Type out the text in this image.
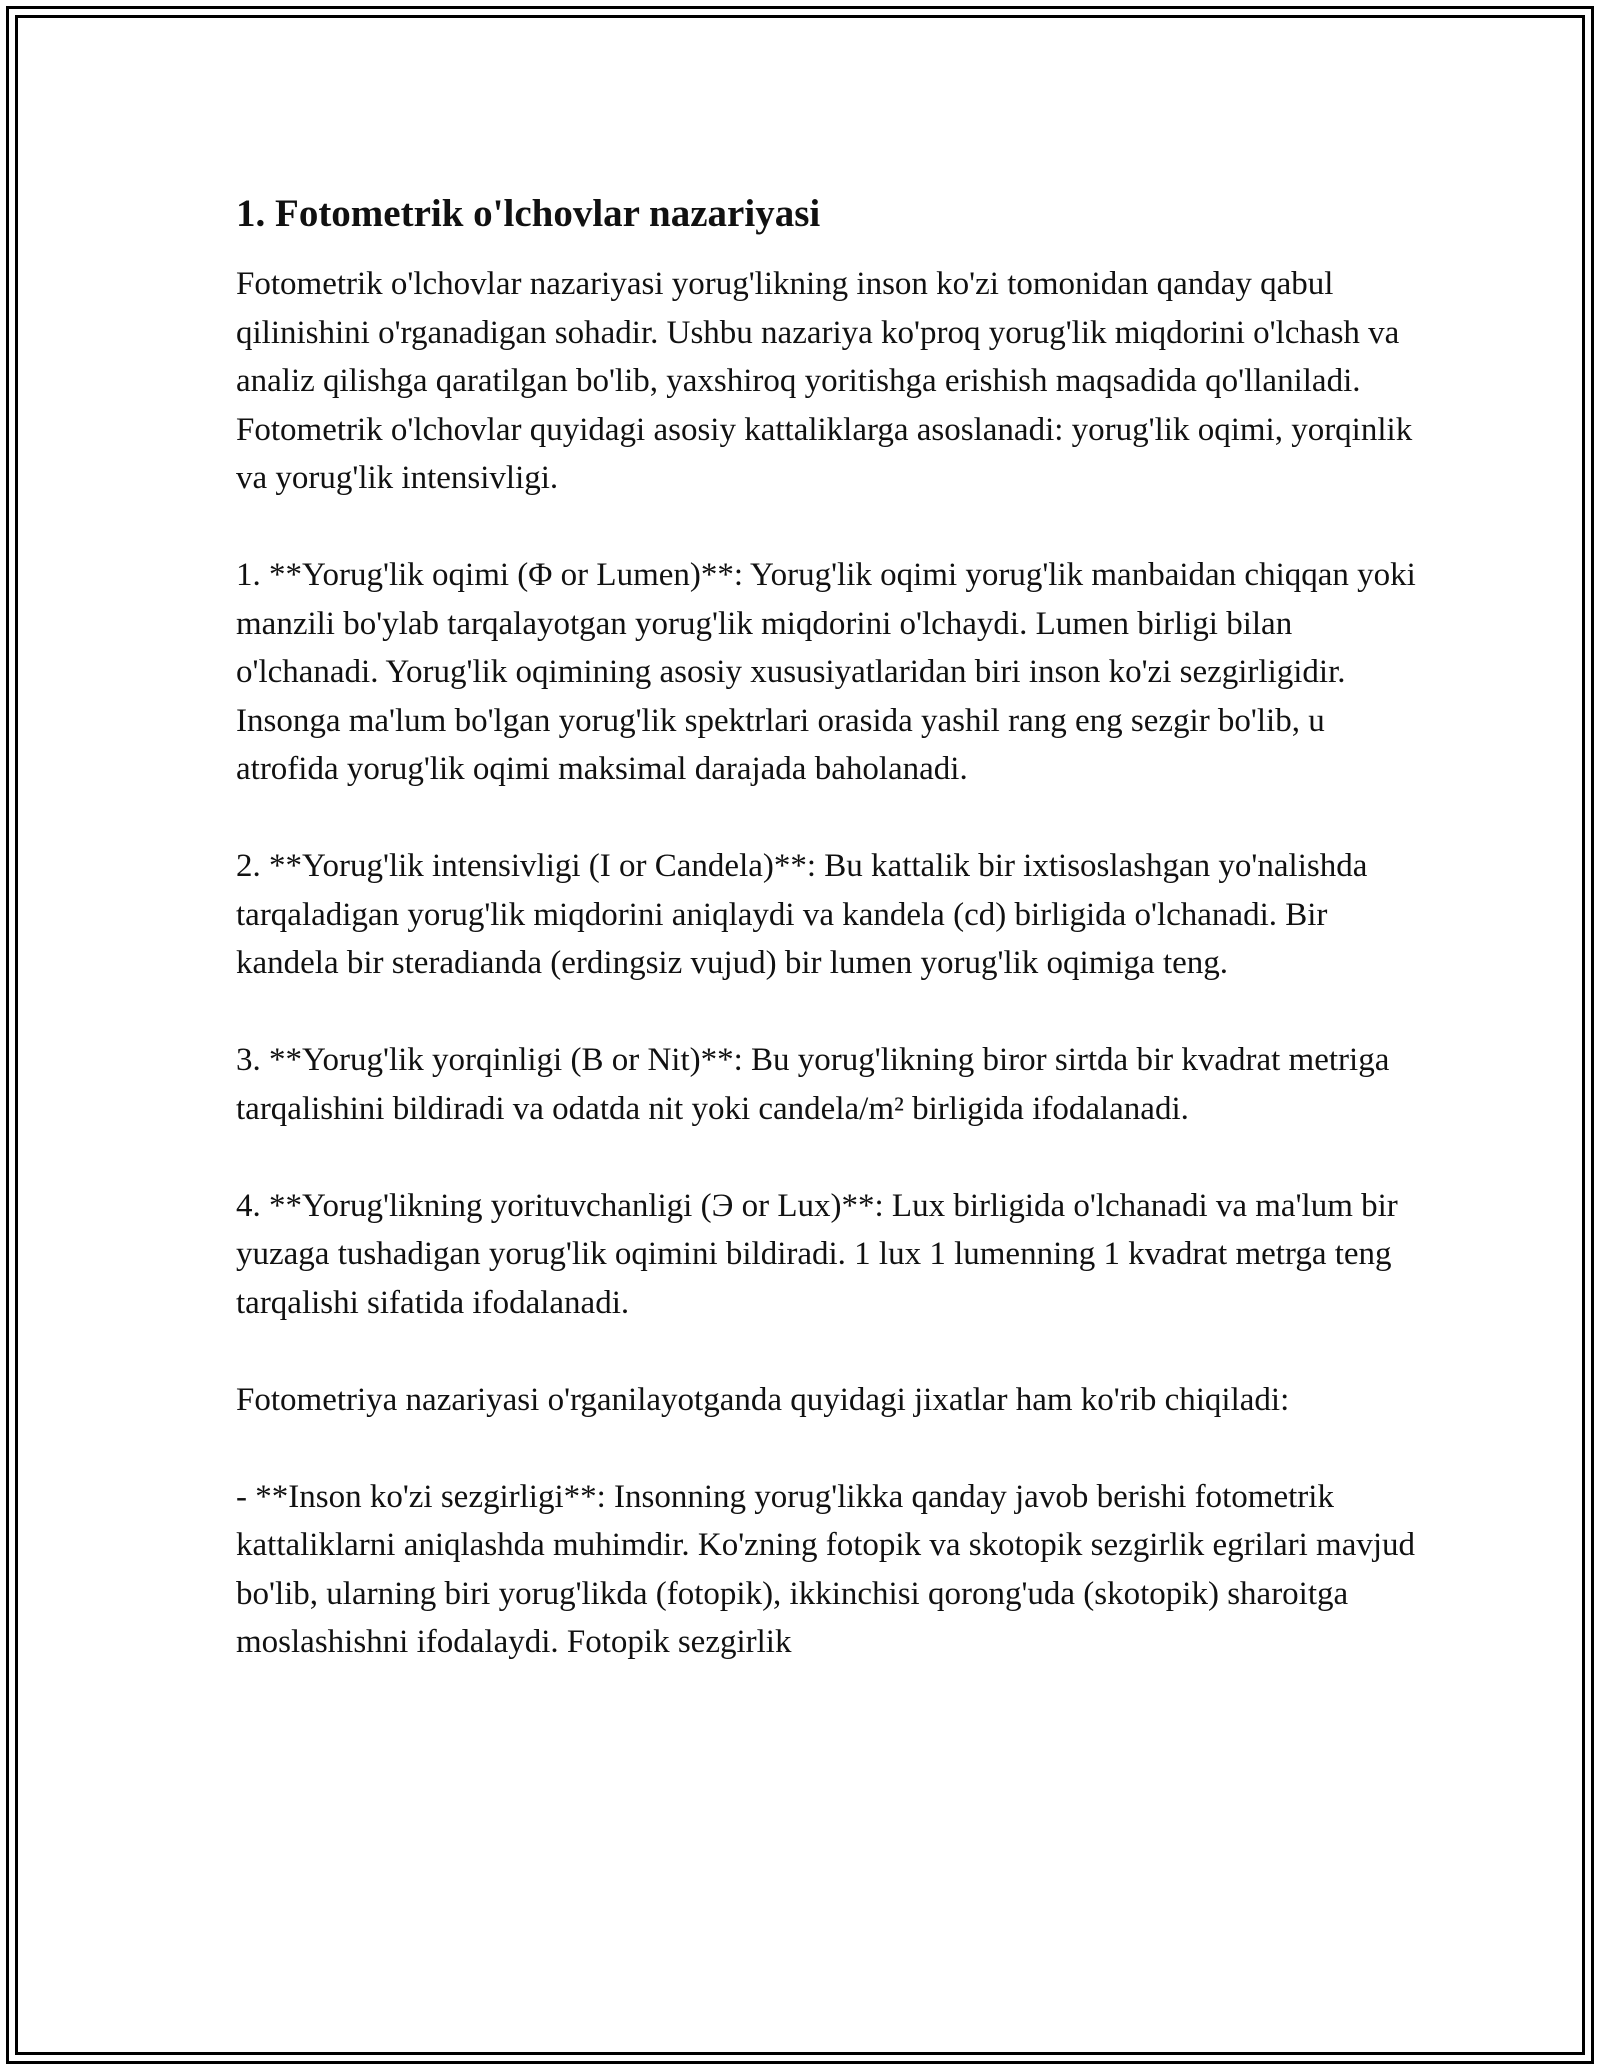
1. Fotometrik o'lchovlar nazariyasi
Fotometrik o'lchovlar nazariyasi yorug'likning inson ko'zi tomonidan qanday qabul qilinishini o'rganadigan sohadir. Ushbu nazariya ko'proq yorug'lik miqdorini o'lchash va analiz qilishga qaratilgan bo'lib, yaxshiroq yoritishga erishish maqsadida qo'llaniladi. Fotometrik o'lchovlar quyidagi asosiy kattaliklarga asoslanadi: yorug'lik oqimi, yorqinlik va yorug'lik intensivligi.
1. **Yorug'lik oqimi (Φ or Lumen)**: Yorug'lik oqimi yorug'lik manbaidan chiqqan yoki manzili bo'ylab tarqalayotgan yorug'lik miqdorini o'lchaydi. Lumen birligi bilan o'lchanadi. Yorug'lik oqimining asosiy xususiyatlaridan biri inson ko'zi sezgirligidir. Insonga ma'lum bo'lgan yorug'lik spektrlari orasida yashil rang eng sezgir bo'lib, u atrofida yorug'lik oqimi maksimal darajada baholanadi.
2. **Yorug'lik intensivligi (I or Candela)**: Bu kattalik bir ixtisoslashgan yo'nalishda tarqaladigan yorug'lik miqdorini aniqlaydi va kandela (cd) birligida o'lchanadi. Bir kandela bir steradianda (erdingsiz vujud) bir lumen yorug'lik oqimiga teng.
3. **Yorug'lik yorqinligi (B or Nit)**: Bu yorug'likning biror sirtda bir kvadrat metriga tarqalishini bildiradi va odatda nit yoki candela/m² birligida ifodalanadi.
4. **Yorug'likning yorituvchanligi (Э or Lux)**: Lux birligida o'lchanadi va ma'lum bir yuzaga tushadigan yorug'lik oqimini bildiradi. 1 lux 1 lumenning 1 kvadrat metrga teng tarqalishi sifatida ifodalanadi.
Fotometriya nazariyasi o'rganilayotganda quyidagi jixatlar ham ko'rib chiqiladi:
- **Inson ko'zi sezgirligi**: Insonning yorug'likka qanday javob berishi fotometrik kattaliklarni aniqlashda muhimdir. Ko'zning fotopik va skotopik sezgirlik egrilari mavjud bo'lib, ularning biri yorug'likda (fotopik), ikkinchisi qorong'uda (skotopik) sharoitga moslashishni ifodalaydi. Fotopik sezgirlik
